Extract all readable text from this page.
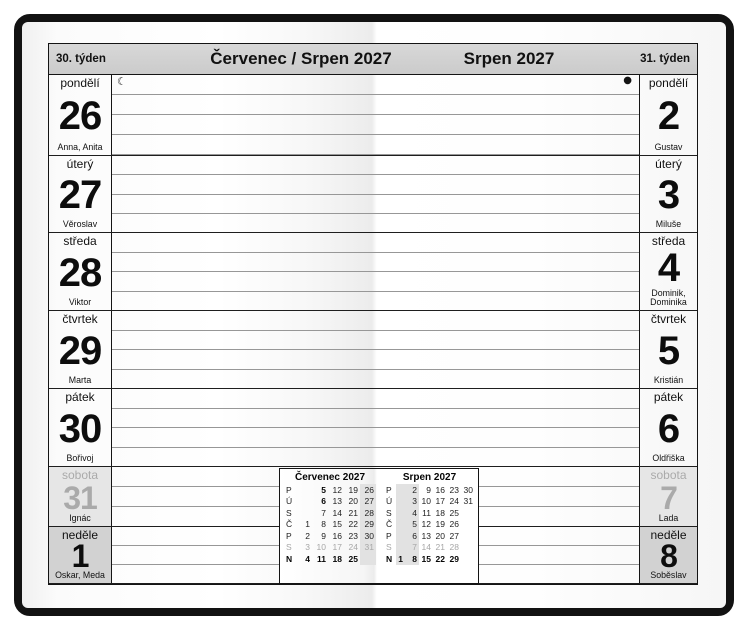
30. týden	Červenec / Srpen 2027	Srpen 2027	31. týden
pondělí
26
Anna, Anita
☾	● pondělí
2
Gustav
úterý
27
Věroslav
úterý
3
Miluše
středa
28
Viktor
středa
4
Dominik, Dominika
čtvrtek
29
Marta
čtvrtek
5
Kristián
pátek
30
Bořivoj
pátek
6
Oldřiška
sobota
31
Ignác
sobota
7
Lada
neděle
1
Oskar, Meda
neděle
8
Soběslav
Červenec 2027
P		5	12	19	26
Ú		6	13	20	27
S		7	14	21	28
Č	1	8	15	22	29
P	2	9	16	23	30
S	3	10	17	24	31
N	4	11	18	25	
Srpen 2027
P		2	9	16	23	30
Ú		3	10	17	24	31
S		4	11	18	25	
Č		5	12	19	26	
P		6	13	20	27	
S		7	14	21	28	
N	1	8	15	22	29	
